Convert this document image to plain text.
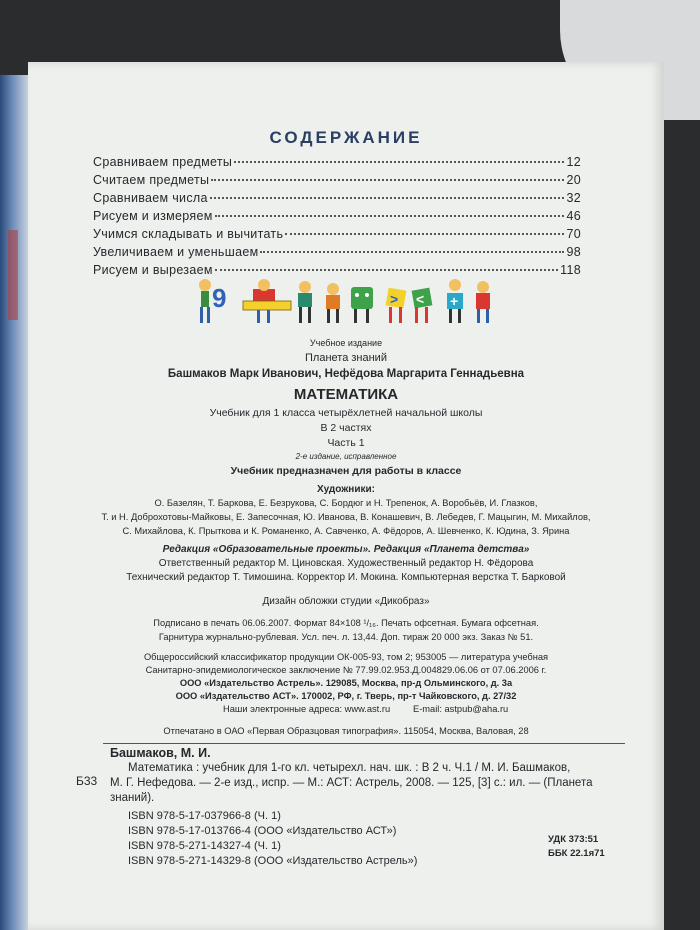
СОДЕРЖАНИЕ
Сравниваем предметы	12
Считаем предметы	20
Сравниваем числа	32
Рисуем и измеряем	46
Учимся складывать и вычитать	70
Увеличиваем и уменьшаем	98
Рисуем и вырезаем	118
9	> < +
Учебное издание
Планета знаний
Башмаков Марк Иванович, Нефёдова Маргарита Геннадьевна
МАТЕМАТИКА
Учебник для 1 класса четырёхлетней начальной школы
В 2 частях
Часть 1
2-е издание, исправленное
Учебник предназначен для работы в классе
Художники:
О. Базелян, Т. Баркова, Е. Безрукова, С. Бордюг и Н. Трепенок, А. Воробьёв, И. Глазков,
Т. и Н. Доброхотовы-Майковы, Е. Запесочная, Ю. Иванова, В. Конашевич, В. Лебедев, Г. Мацыгин, М. Михайлов,
С. Михайлова, К. Прыткова и К. Романенко, А. Савченко, А. Фёдоров, А. Шевченко, К. Юдина, З. Ярина
Редакция «Образовательные проекты». Редакция «Планета детства»
Ответственный редактор М. Циновская. Художественный редактор Н. Фёдорова
Технический редактор Т. Тимошина. Корректор И. Мокина. Компьютерная верстка Т. Барковой
Дизайн обложки студии «Дикобраз»
Подписано в печать 06.06.2007. Формат 84×108 ¹/₁₆. Печать офсетная. Бумага офсетная.
Гарнитура журнально-рублевая. Усл. печ. л. 13,44. Доп. тираж 20 000 экз. Заказ № 51.
Общероссийский классификатор продукции ОК-005-93, том 2; 953005 — литература учебная
Санитарно-эпидемиологическое заключение № 77.99.02.953.Д.004829.06.06 от 07.06.2006 г.
ООО «Издательство Астрель». 129085, Москва, пр-д Ольминского, д. 3а
ООО «Издательство АСТ». 170002, РФ, г. Тверь, пр-т Чайковского, д. 27/32
Наши электронные адреса: www.ast.ru E-mail: astpub@aha.ru
Отпечатано в ОАО «Первая Образцовая типография». 115054, Москва, Валовая, 28
Башмаков, М. И.
Б33
Математика : учебник для 1-го кл. четырехл. нач. шк. : В 2 ч. Ч.1 / М. И. Башмаков,
М. Г. Нефедова. — 2-е изд., испр. — М.: АСТ: Астрель, 2008. — 125, [3] с.: ил. — (Планета
знаний).
ISBN 978-5-17-037966-8 (Ч. 1)
ISBN 978-5-17-013766-4 (ООО «Издательство АСТ»)
ISBN 978-5-271-14327-4 (Ч. 1)
ISBN 978-5-271-14329-8 (ООО «Издательство Астрель»)
УДК 373:51
ББК 22.1я71
